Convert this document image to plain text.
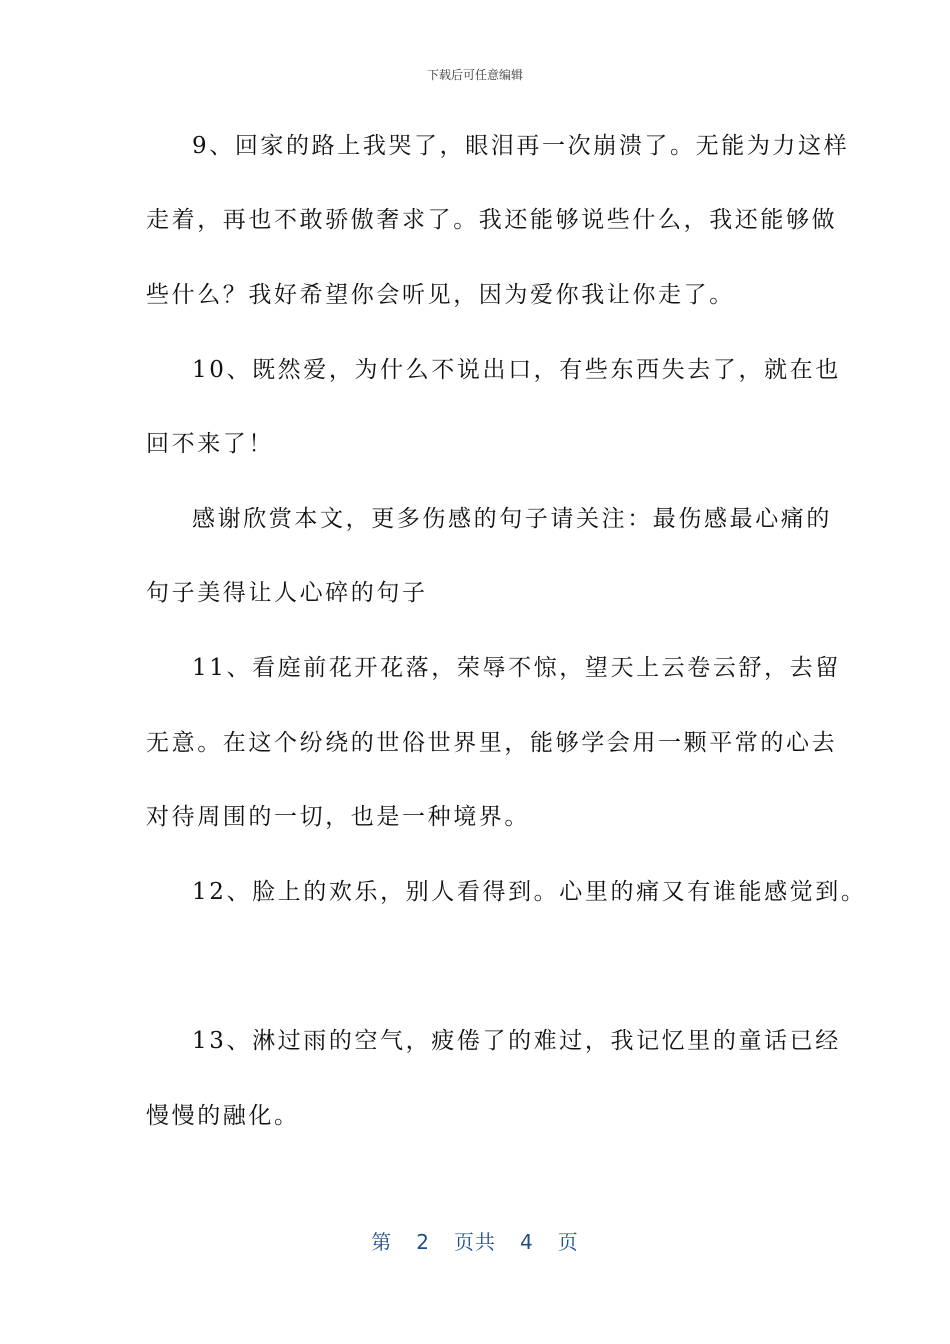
下载后可任意编辑
9、回家的路上我哭了，眼泪再一次崩溃了。无能为力这样
走着，再也不敢骄傲奢求了。我还能够说些什么，我还能够做
些什么？我好希望你会听见，因为爱你我让你走了。
10、既然爱，为什么不说出口，有些东西失去了，就在也
回不来了！
感谢欣赏本文，更多伤感的句子请关注：最伤感最心痛的
句子美得让人心碎的句子
11、看庭前花开花落，荣辱不惊，望天上云卷云舒，去留
无意。在这个纷绕的世俗世界里，能够学会用一颗平常的心去
对待周围的一切，也是一种境界。
12、脸上的欢乐，别人看得到。心里的痛又有谁能感觉到。
13、淋过雨的空气，疲倦了的难过，我记忆里的童话已经
慢慢的融化。
第 2 页共 4 页
